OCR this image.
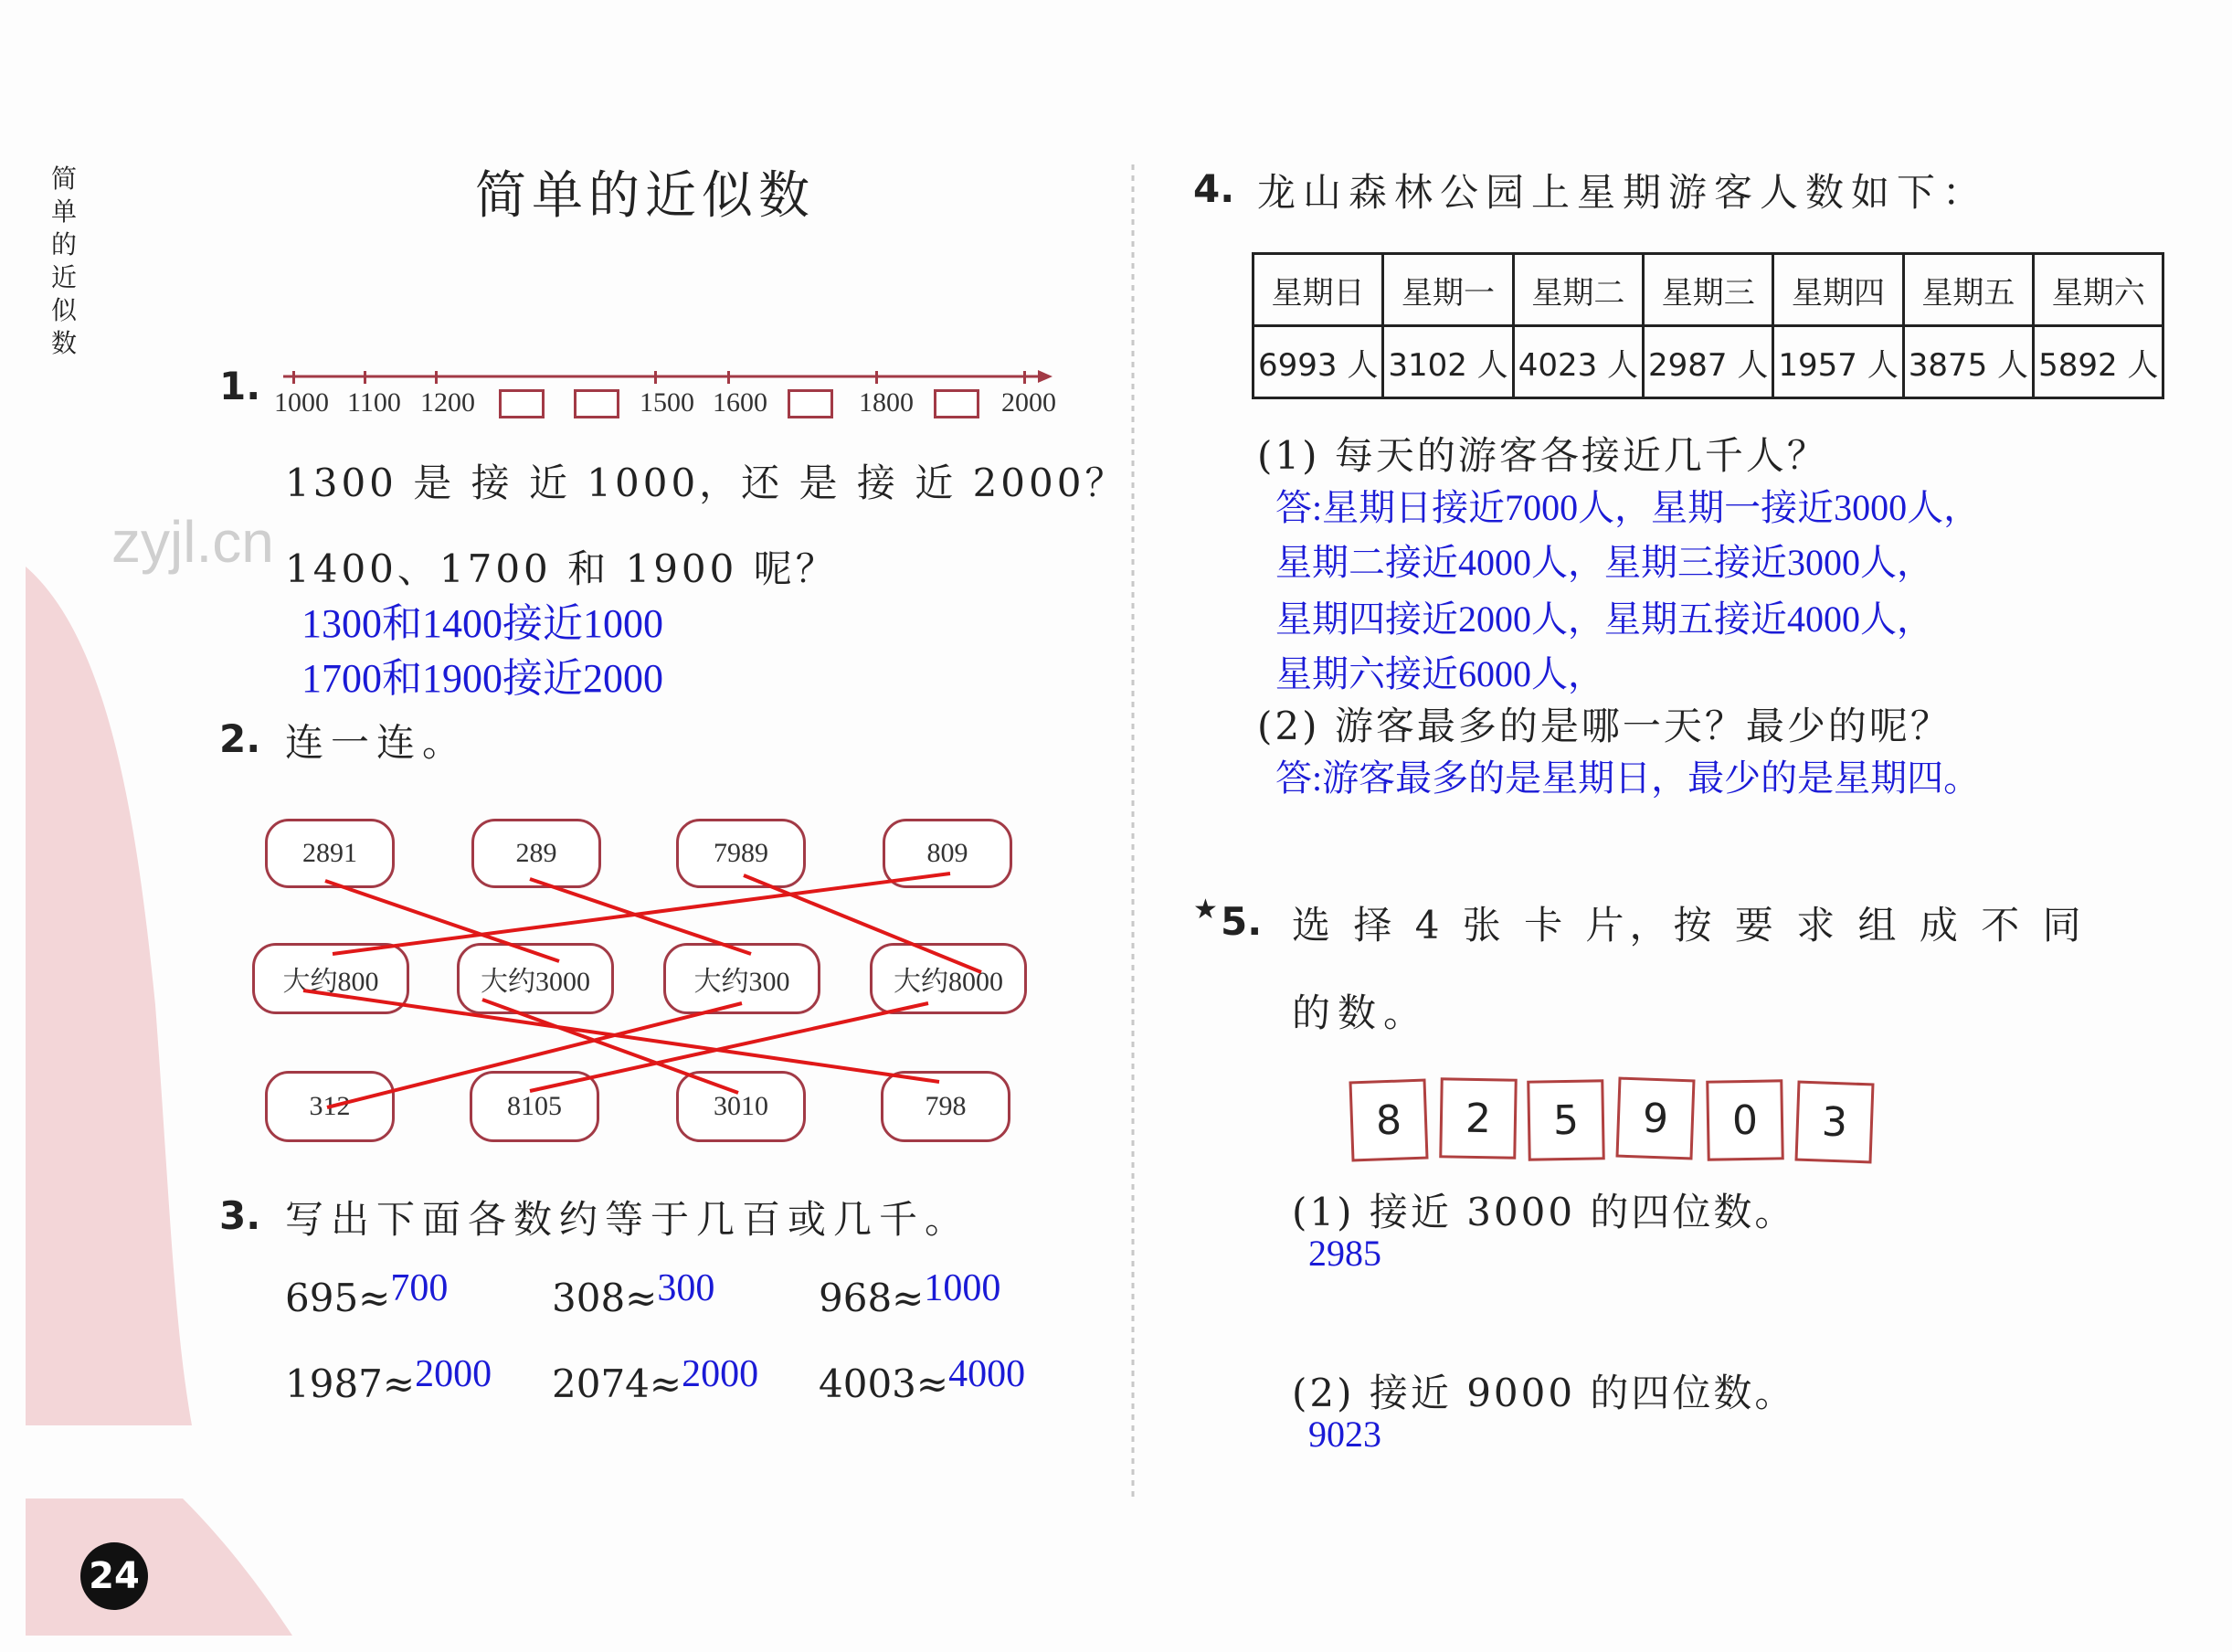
简单的近似数
简单的近似数
1. 1000 1100 1200	1500 1600	1800	2000
1300 是 接 近 1000，还 是 接 近 2000？
1400、1700 和 1900 呢？
zyjl.cn
1300和1400接近1000
1700和1900接近2000
2. 连一连。
2891	289	7989	809
大约800	大约3000	大约300	大约8000
312	8105	3010	798
3. 写出下面各数约等于几百或几千。
695≈700	308≈300	968≈1000
1987≈2000 2074≈2000 4003≈4000
24
4. 龙山森林公园上星期游客人数如下：
星期日	星期一	星期二	星期三	星期四	星期五	星期六
6993 人	3102 人	4023 人	2987 人	1957 人	3875 人	5892 人
(1) 每天的游客各接近几千人？
答:星期日接近7000人，星期一接近3000人，
星期二接近4000人，星期三接近3000人，
星期四接近2000人，星期五接近4000人，
星期六接近6000人，
(2) 游客最多的是哪一天？最少的呢？
答:游客最多的是星期日，最少的是星期四。
★ 5. 选 择 4 张 卡 片，按 要 求 组 成 不 同
的数。
8	2	5	9	0	3
(1) 接近 3000 的四位数。
2985
(2) 接近 9000 的四位数。
9023
